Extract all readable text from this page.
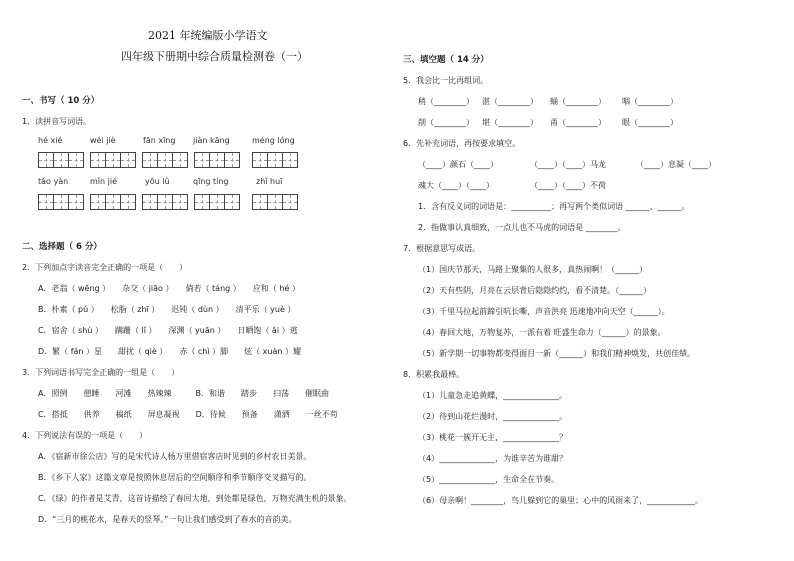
2021 年统编版小学语文
四年级下册期中综合质量检测卷（一）
一、书写（ 10 分）
1．读拼音写词语。
hé xié	wéi jiè	fān xīng jiàn kāng	méng lóng
tǎo yàn	mǐn jié	yōu lǜ	qīng tíng	zhǐ huī
二、选择题（ 6 分）
2．下列加点字读音完全正确的一项是（　　）
A．老翁（ wēng ）　　杂交（ jiāo ）　　倘若（ táng ）　　应和（ hé ）
B．朴素（ pǔ ）　　松脂（ zhī ）　　迟钝（ dùn ）　　清平乐（ yuè ）
C．宿舍（ shù ）　　蹒跚（ lǐ ）　　深渊（ yuān ）　　日晒饱（ ǎi ）逃
D．繁（ fán ）星　　甜扰（ qiè ）　　赤（ chì ）脚　　炫（ xuàn ）耀
3．下列词语书写完全正确的一组是（　　）
A．照例　　憩睡　　河滩　　热辣辣　　　B．和谐　　踏步　　扫荡　　催眠曲
C．搭抵　　供养　　稿纸　　屏息凝视　　D．待候　　预备　　潇洒　　一丝不苟
4．下列说法有误的一项是（　　）
A．《宿新市徐公店》写的是宋代诗人杨万里借宿客店时见到的乡村农日美景。
B．《乡下人家》这篇文章是按照休息居后的空间顺序和季节顺序交叉描写的。
C．《绿》的作者是艾青，这首诗描绘了春回大地，到处都是绿色，万物充满生机的景象。
D．“三月的桃花水，是春天的竖琴。”一句让我们感受到了春水的音韵美。
三、填空题（ 14 分）
5．我会比一比再组词。
稍（________） 湛（________） 蛹（________） 咽（________）
削（________） 堪（________） 甬（________） 眼（________）
6．先补充词语，再按要求填空。
（____）颜石（____）	（____）（____）马龙	（____）息凝（____）
魂大（____）（____）	（____）（____）不荷
1．含有反义词的词语是：__________；再写两个类似词语 ______、______。
2．指做事认真细致，一点儿也不马虎的词语是 ________。
7．根据意思写成语。
（1）国庆节那天，马路上聚集的人很多，真热闹啊！（______）
（2）天有些阴，月亮在云层背后隐隐约约，看不清楚。（______）
（3）千里马拉起前蹄引吭长嘶，声音洪亮 迅速地冲向天空（______）。
（4）春回大地，万物复苏，一派有着 旺盛生命力（______）的景象。
（5）新学期一切事物都变得面目一新（______）和我们精神焕发，共创佳绩。
8．积累我最棒。
（1）儿童急走追黄蝶，______________。
（2）待到山花烂漫时，______________。
（3）桃花一簇开无主，______________？
（4）______________，为谁辛苦为谁甜？
（5）______________，生命全在节奏。
（6）母亲啊！________，鸟儿躲到它的巢里；心中的风雨来了，____________。
